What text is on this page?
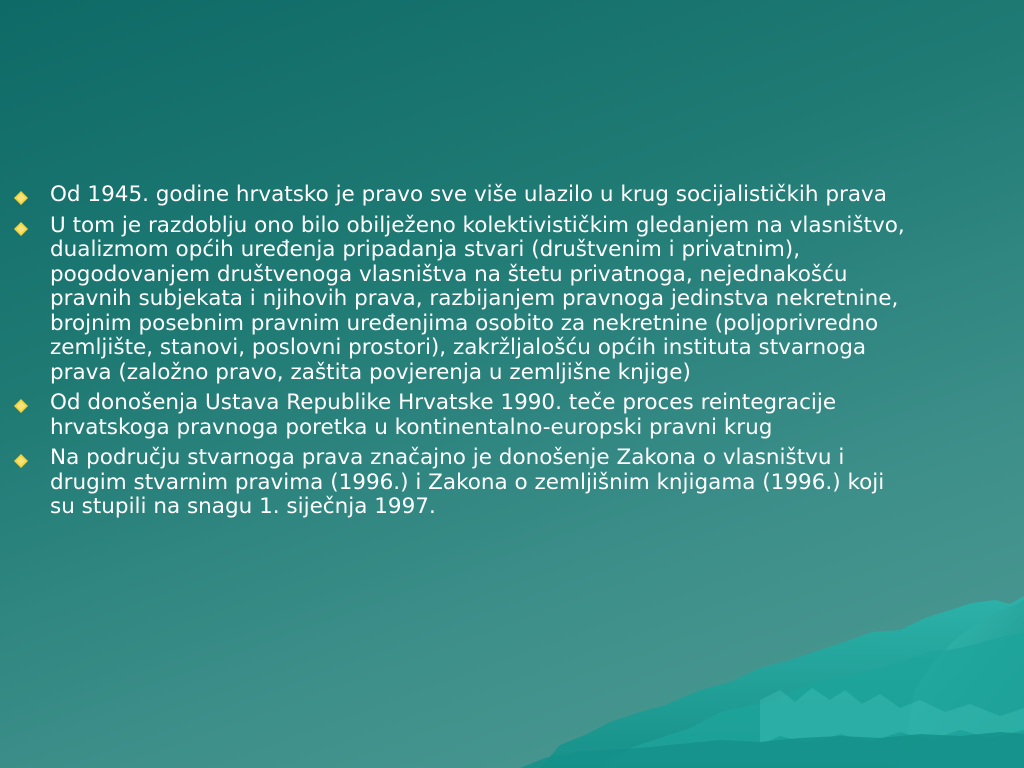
Od 1945. godine hrvatsko je pravo sve više ulazilo u krug socijalističkih prava
U tom je razdoblju ono bilo obilježeno kolektivističkim gledanjem na vlasništvo, dualizmom općih uređenja pripadanja stvari (društvenim i privatnim), pogodovanjem društvenoga vlasništva na štetu privatnoga, nejednakošću pravnih subjekata i njihovih prava, razbijanjem pravnoga jedinstva nekretnine, brojnim posebnim pravnim uređenjima osobito za nekretnine (poljoprivredno zemljište, stanovi, poslovni prostori), zakržljalošću općih instituta stvarnoga prava (založno pravo, zaštita povjerenja u zemljišne knjige)
Od donošenja Ustava Republike Hrvatske 1990. teče proces reintegracije hrvatskoga pravnoga poretka u kontinentalno-europski pravni krug
Na području stvarnoga prava značajno je donošenje Zakona o vlasništvu i drugim stvarnim pravima (1996.) i Zakona o zemljišnim knjigama (1996.) koji su stupili na snagu 1. siječnja 1997.
